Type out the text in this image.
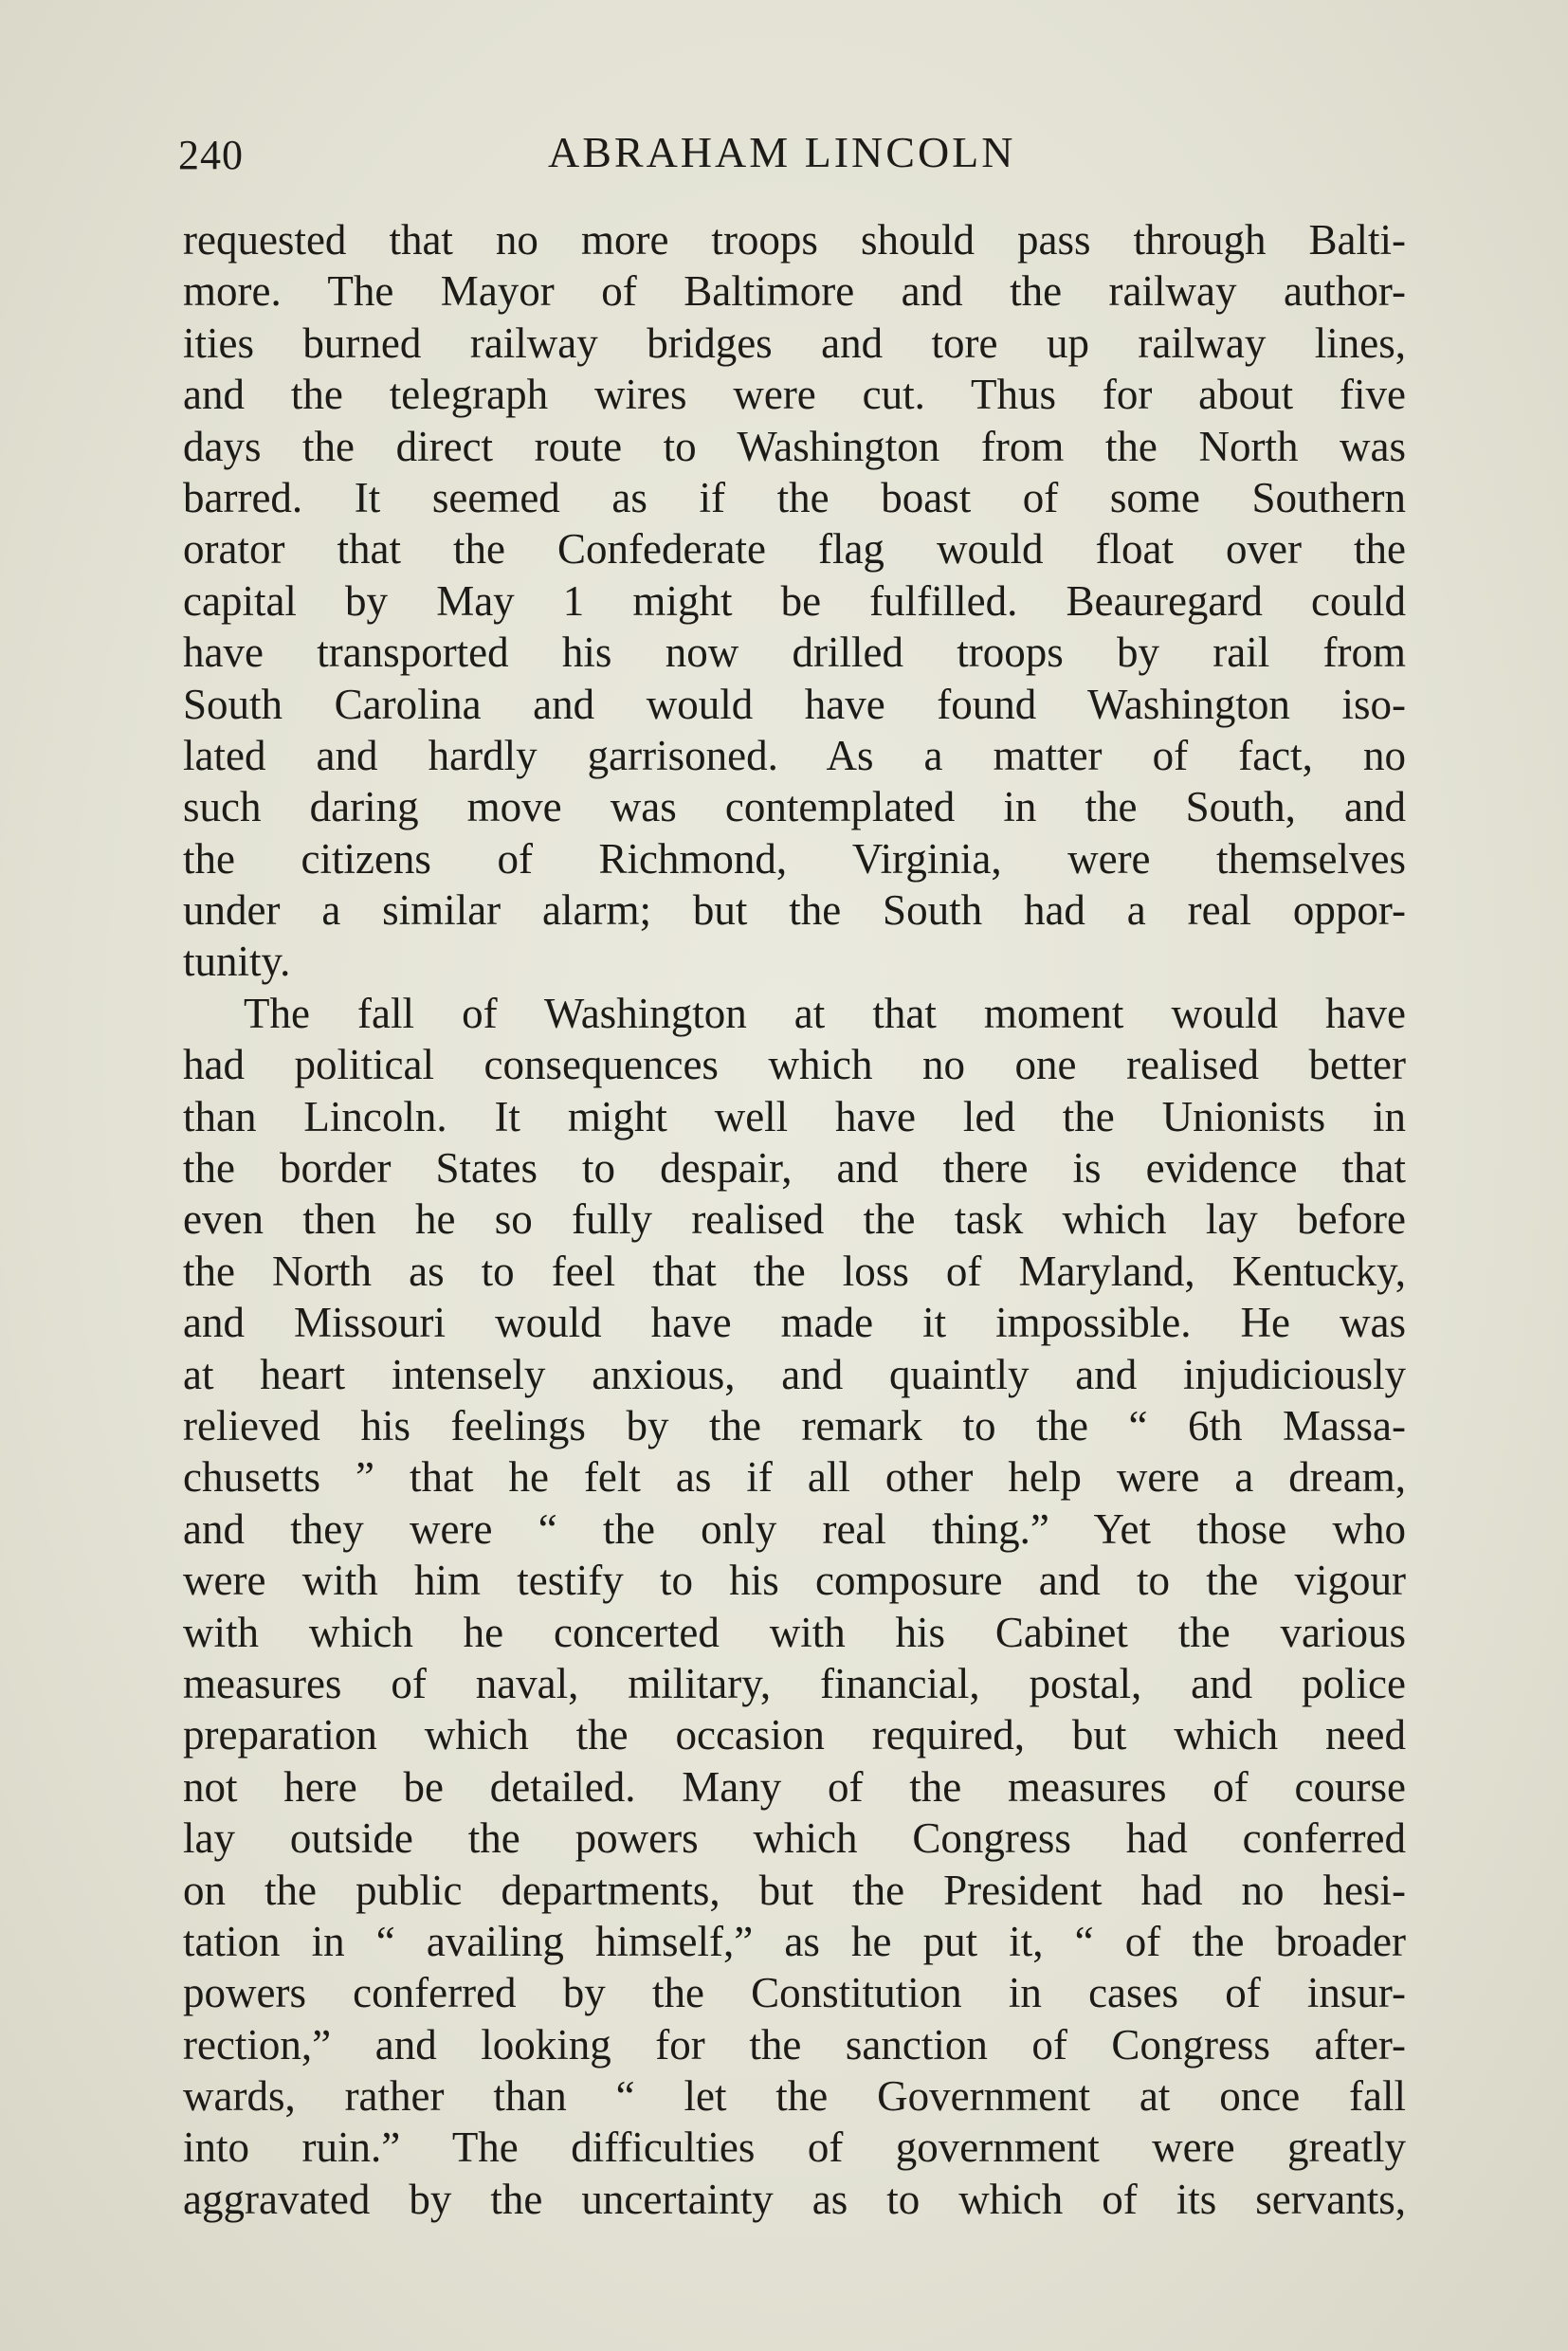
240	ABRAHAM LINCOLN
requested that no more troops should pass through Balti-
more. The Mayor of Baltimore and the railway author-
ities burned railway bridges and tore up railway lines,
and the telegraph wires were cut. Thus for about five
days the direct route to Washington from the North was
barred. It seemed as if the boast of some Southern
orator that the Confederate flag would float over the
capital by May 1 might be fulfilled. Beauregard could
have transported his now drilled troops by rail from
South Carolina and would have found Washington iso-
lated and hardly garrisoned. As a matter of fact, no
such daring move was contemplated in the South, and
the citizens of Richmond, Virginia, were themselves
under a similar alarm; but the South had a real oppor-
tunity.
The fall of Washington at that moment would have
had political consequences which no one realised better
than Lincoln. It might well have led the Unionists in
the border States to despair, and there is evidence that
even then he so fully realised the task which lay before
the North as to feel that the loss of Maryland, Kentucky,
and Missouri would have made it impossible. He was
at heart intensely anxious, and quaintly and injudiciously
relieved his feelings by the remark to the “ 6th Massa-
chusetts ” that he felt as if all other help were a dream,
and they were “ the only real thing.” Yet those who
were with him testify to his composure and to the vigour
with which he concerted with his Cabinet the various
measures of naval, military, financial, postal, and police
preparation which the occasion required, but which need
not here be detailed. Many of the measures of course
lay outside the powers which Congress had conferred
on the public departments, but the President had no hesi-
tation in “ availing himself,” as he put it, “ of the broader
powers conferred by the Constitution in cases of insur-
rection,” and looking for the sanction of Congress after-
wards, rather than “ let the Government at once fall
into ruin.” The difficulties of government were greatly
aggravated by the uncertainty as to which of its servants,
